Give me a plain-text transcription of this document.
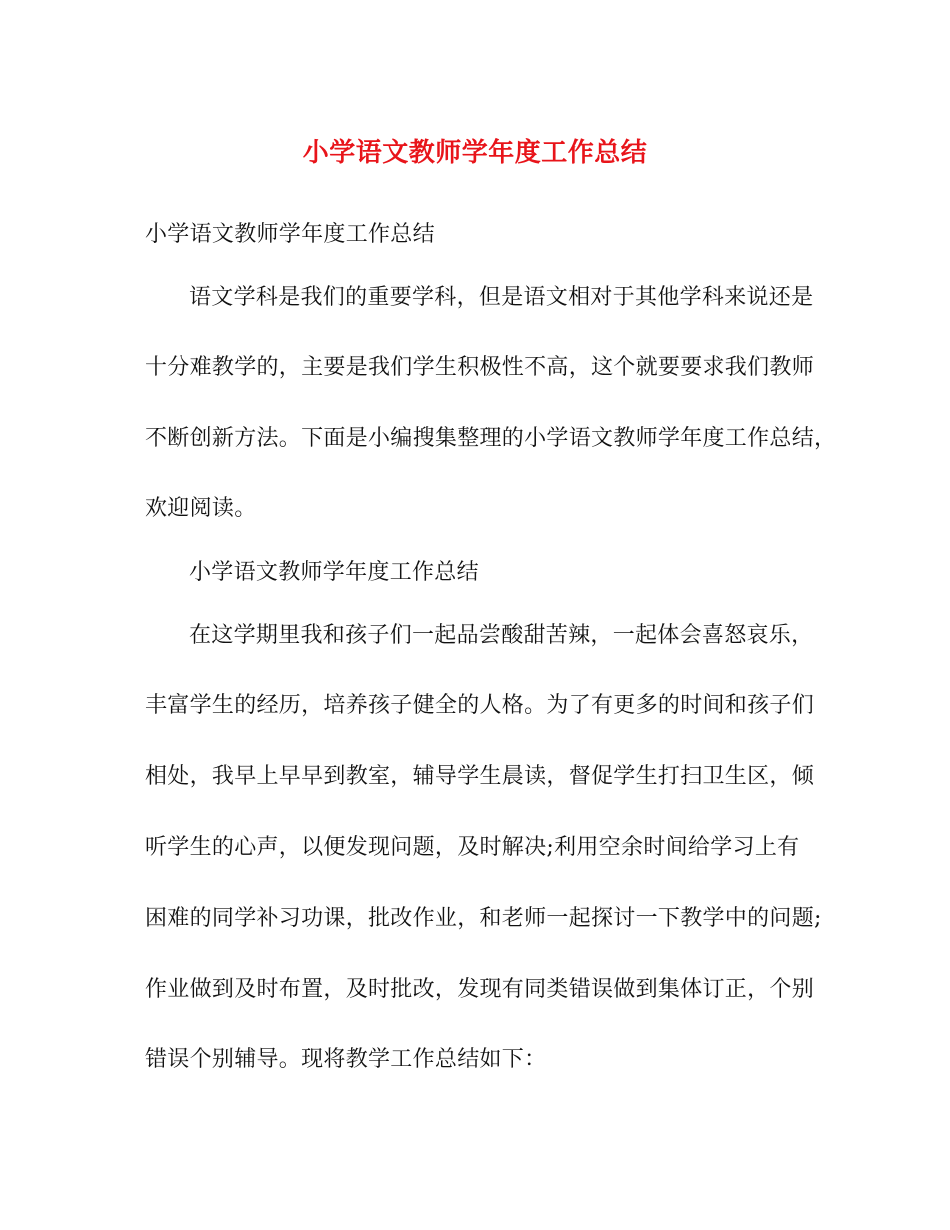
小学语文教师学年度工作总结
小学语文教师学年度工作总结
语文学科是我们的重要学科，但是语文相对于其他学科来说还是
十分难教学的，主要是我们学生积极性不高，这个就要要求我们教师
不断创新方法。下面是小编搜集整理的小学语文教师学年度工作总结，
欢迎阅读。
小学语文教师学年度工作总结
在这学期里我和孩子们一起品尝酸甜苦辣，一起体会喜怒哀乐，
丰富学生的经历，培养孩子健全的人格。为了有更多的时间和孩子们
相处，我早上早早到教室，辅导学生晨读，督促学生打扫卫生区，倾
听学生的心声，以便发现问题，及时解决;利用空余时间给学习上有
困难的同学补习功课，批改作业，和老师一起探讨一下教学中的问题;
作业做到及时布置，及时批改，发现有同类错误做到集体订正，个别
错误个别辅导。现将教学工作总结如下：
